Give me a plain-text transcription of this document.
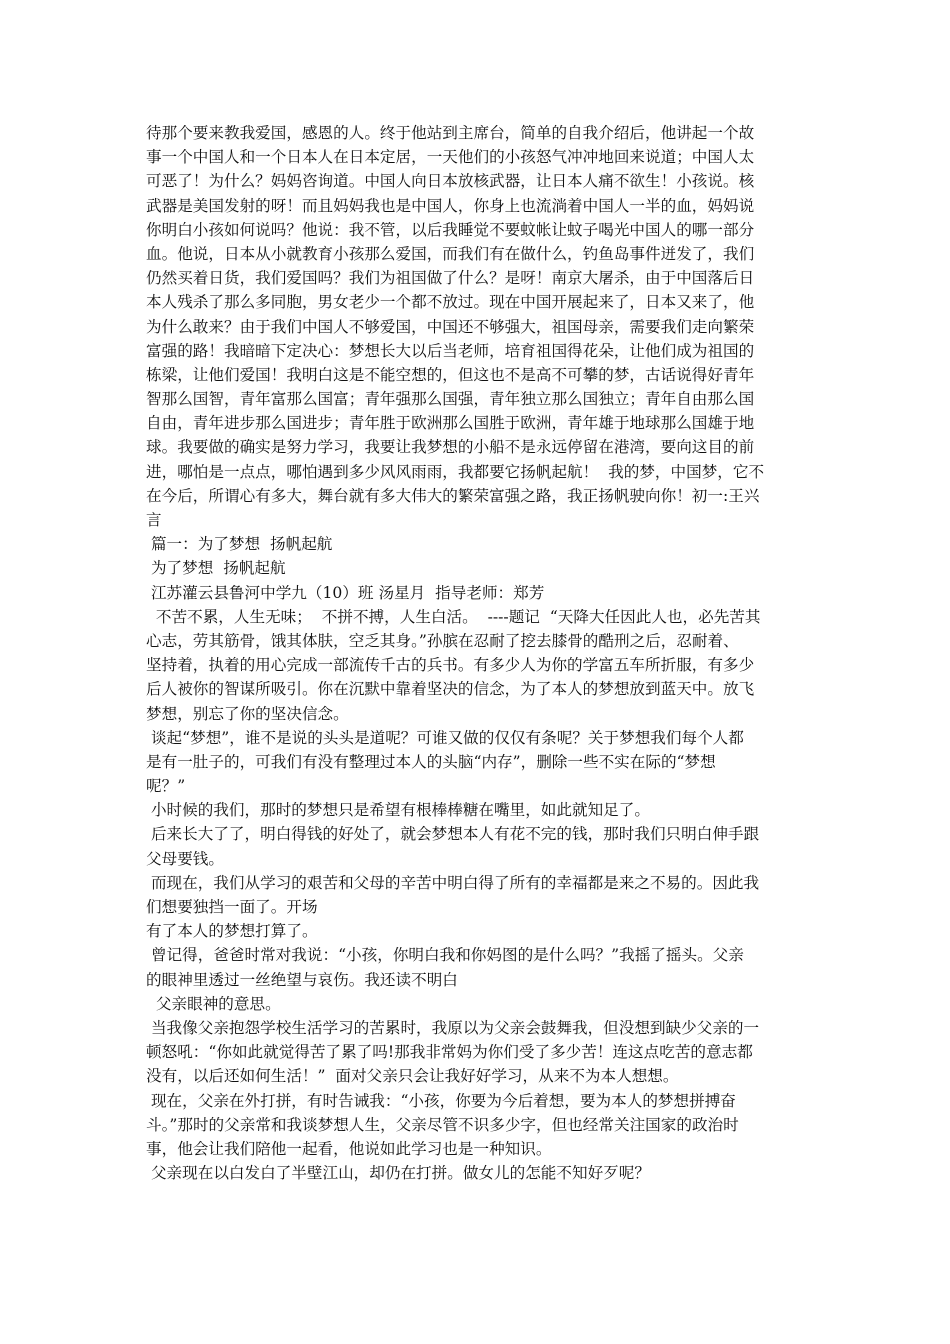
待那个要来教我爱国，感恩的人。终于他站到主席台，简单的自我介绍后，他讲起一个故
事一个中国人和一个日本人在日本定居，一天他们的小孩怒气冲冲地回来说道；中国人太
可恶了！为什么？妈妈咨询道。中国人向日本放核武器，让日本人痛不欲生！小孩说。核
武器是美国发射的呀！而且妈妈我也是中国人，你身上也流淌着中国人一半的血，妈妈说
你明白小孩如何说吗？他说：我不管，以后我睡觉不要蚊帐让蚊子喝光中国人的哪一部分
血。他说，日本从小就教育小孩那么爱国，而我们有在做什么，钓鱼岛事件迸发了，我们
仍然买着日货，我们爱国吗？我们为祖国做了什么？是呀！南京大屠杀，由于中国落后日
本人残杀了那么多同胞，男女老少一个都不放过。现在中国开展起来了，日本又来了，他
为什么敢来？由于我们中国人不够爱国，中国还不够强大，祖国母亲，需要我们走向繁荣
富强的路！我暗暗下定决心：梦想长大以后当老师，培育祖国得花朵，让他们成为祖国的
栋梁，让他们爱国！我明白这是不能空想的，但这也不是高不可攀的梦，古话说得好青年
智那么国智，青年富那么国富；青年强那么国强，青年独立那么国独立；青年自由那么国
自由，青年进步那么国进步；青年胜于欧洲那么国胜于欧洲，青年雄于地球那么国雄于地
球。我要做的确实是努力学习，我要让我梦想的小船不是永远停留在港湾，要向这目的前
进，哪怕是一点点，哪怕遇到多少风风雨雨，我都要它扬帆起航！  我的梦，中国梦，它不
在今后，所谓心有多大，舞台就有多大伟大的繁荣富强之路，我正扬帆驶向你！初一:王兴
言
篇一：为了梦想  扬帆起航
为了梦想  扬帆起航
江苏灌云县鲁河中学九（10）班 汤星月  指导老师：郑芳
不苦不累，人生无味；  不拼不搏，人生白活。  ----题记  “天降大任因此人也，必先苦其
心志，劳其筋骨，饿其体肤，空乏其身。”孙膑在忍耐了挖去膝骨的酷刑之后，忍耐着、
坚持着，执着的用心完成一部流传千古的兵书。有多少人为你的学富五车所折服，有多少
后人被你的智谋所吸引。你在沉默中靠着坚决的信念，为了本人的梦想放到蓝天中。放飞
梦想，别忘了你的坚决信念。
谈起“梦想”，谁不是说的头头是道呢？可谁又做的仅仅有条呢？关于梦想我们每个人都
是有一肚子的，可我们有没有整理过本人的头脑“内存”，删除一些不实在际的“梦想
呢？”
小时候的我们，那时的梦想只是希望有根棒棒糖在嘴里，如此就知足了。
后来长大了了，明白得钱的好处了，就会梦想本人有花不完的钱，那时我们只明白伸手跟
父母要钱。
而现在，我们从学习的艰苦和父母的辛苦中明白得了所有的幸福都是来之不易的。因此我
们想要独挡一面了。开场
有了本人的梦想打算了。
曾记得，爸爸时常对我说：“小孩，你明白我和你妈图的是什么吗？”我摇了摇头。父亲
的眼神里透过一丝绝望与哀伤。我还读不明白
父亲眼神的意思。
当我像父亲抱怨学校生活学习的苦累时，我原以为父亲会鼓舞我，但没想到缺少父亲的一
顿怒吼：“你如此就觉得苦了累了吗!那我非常妈为你们受了多少苦！连这点吃苦的意志都
没有，以后还如何生活！”  面对父亲只会让我好好学习，从来不为本人想想。
现在，父亲在外打拼，有时告诫我：“小孩，你要为今后着想，要为本人的梦想拼搏奋
斗。”那时的父亲常和我谈梦想人生，父亲尽管不识多少字，但也经常关注国家的政治时
事，他会让我们陪他一起看，他说如此学习也是一种知识。
父亲现在以白发白了半壁江山，却仍在打拼。做女儿的怎能不知好歹呢？
